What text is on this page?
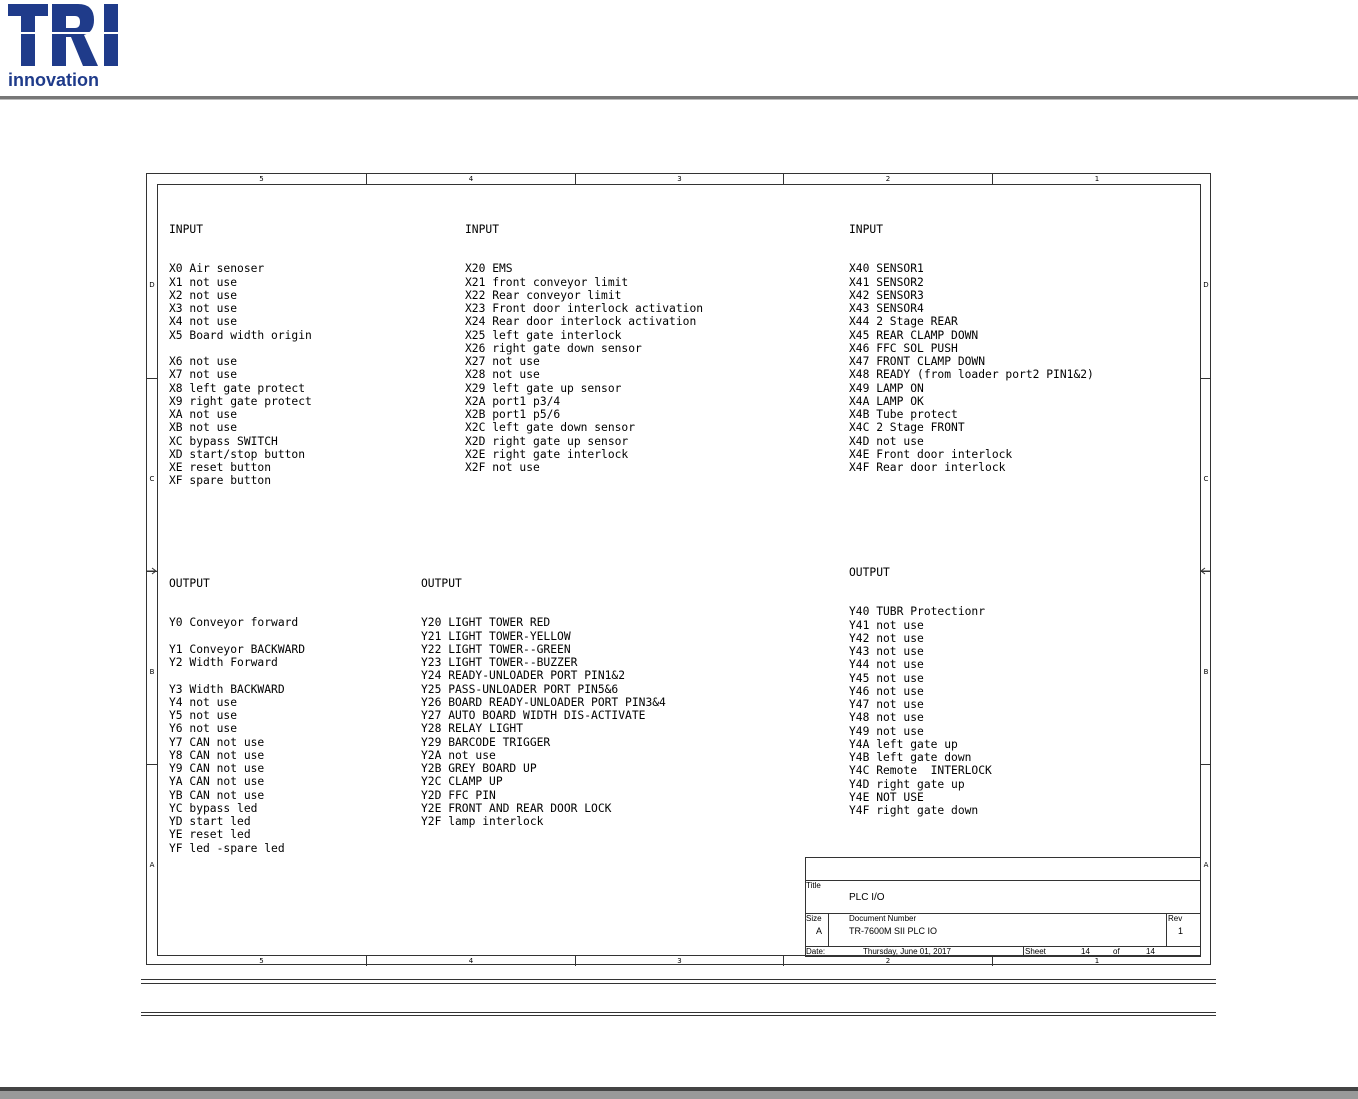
innovation
5	4	3	2	1
5	4	3	2	1
D
C
B
A
D
C
B
A

INPUT

X0 Air senoser
X1 not use
X2 not use
X3 not use
X4 not use
X5 Board width origin
X6 not use
X7 not use
X8 left gate protect
X9 right gate protect
XA not use
XB not use
XC bypass SWITCH
XD start/stop button
XE reset button
XF spare button

INPUT

X20 EMS
X21 front conveyor limit
X22 Rear conveyor limit
X23 Front door interlock activation
X24 Rear door interlock activation
X25 left gate interlock
X26 right gate down sensor
X27 not use
X28 not use
X29 left gate up sensor
X2A port1 p3/4
X2B port1 p5/6
X2C left gate down sensor
X2D right gate up sensor
X2E right gate interlock
X2F not use

INPUT

X40 SENSOR1
X41 SENSOR2
X42 SENSOR3
X43 SENSOR4
X44 2 Stage REAR
X45 REAR CLAMP DOWN
X46 FFC SOL PUSH
X47 FRONT CLAMP DOWN
X48 READY (from loader port2 PIN1&2)
X49 LAMP ON
X4A LAMP OK
X4B Tube protect
X4C 2 Stage FRONT
X4D not use
X4E Front door interlock
X4F Rear door interlock

OUTPUT

Y0 Conveyor forward
Y1 Conveyor BACKWARD
Y2 Width Forward
Y3 Width BACKWARD
Y4 not use
Y5 not use
Y6 not use
Y7 CAN not use
Y8 CAN not use
Y9 CAN not use
YA CAN not use
YB CAN not use
YC bypass led
YD start led
YE reset led
YF led -spare led

OUTPUT

Y20 LIGHT TOWER RED
Y21 LIGHT TOWER-YELLOW
Y22 LIGHT TOWER--GREEN
Y23 LIGHT TOWER--BUZZER
Y24 READY-UNLOADER PORT PIN1&2
Y25 PASS-UNLOADER PORT PIN5&6
Y26 BOARD READY-UNLOADER PORT PIN3&4
Y27 AUTO BOARD WIDTH DIS-ACTIVATE
Y28 RELAY LIGHT
Y29 BARCODE TRIGGER
Y2A not use
Y2B GREY BOARD UP
Y2C CLAMP UP
Y2D FFC PIN
Y2E FRONT AND REAR DOOR LOCK
Y2F lamp interlock

OUTPUT

Y40 TUBR Protectionr
Y41 not use
Y42 not use
Y43 not use
Y44 not use
Y45 not use
Y46 not use
Y47 not use
Y48 not use
Y49 not use
Y4A left gate up
Y4B left gate down
Y4C Remote  INTERLOCK
Y4D right gate up
Y4E NOT USE
Y4F right gate down

Title
PLC I/O
Size
A
Document Number
TR-7600M SII PLC IO
Rev
1
Date:	Thursday, June 01, 2017	Sheet	14	of	14
